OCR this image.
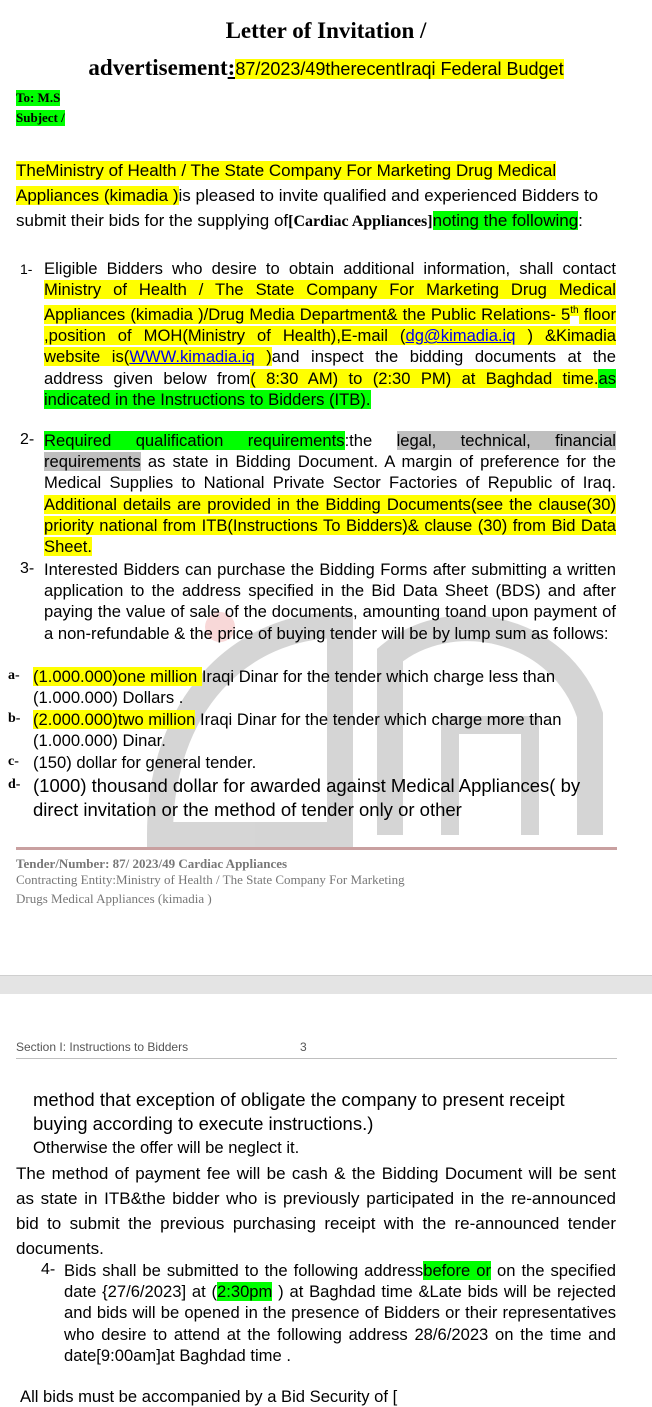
Letter of Invitation /
advertisement:87/2023/49therecentIraqi Federal Budget
To: M.S
Subject /
TheMinistry of Health / The State Company For Marketing Drug Medical Appliances (kimadia )is pleased to invite qualified and experienced Bidders to submit their bids for the supplying of[Cardiac Appliances]noting the following:
1- Eligible Bidders who desire to obtain additional information, shall contact Ministry of Health / The State Company For Marketing Drug Medical Appliances (kimadia )/Drug Media Department& the Public Relations- 5th floor ,position of MOH(Ministry of Health),E-mail (dg@kimadia.iq ) &Kimadia website is(WWW.kimadia.iq )and inspect the bidding documents at the address given below from( 8:30 AM) to (2:30 PM) at Baghdad time.as indicated in the Instructions to Bidders (ITB).
2- Required qualification requirements:the legal, technical, financial requirements as state in Bidding Document. A margin of preference for the Medical Supplies to National Private Sector Factories of Republic of Iraq. Additional details are provided in the Bidding Documents(see the clause(30) priority national from ITB(Instructions To Bidders)& clause (30) from Bid Data Sheet.
3- Interested Bidders can purchase the Bidding Forms after submitting a written application to the address specified in the Bid Data Sheet (BDS) and after paying the value of sale of the documents, amounting toand upon payment of a non-refundable & the price of buying tender will be by lump sum as follows:
a- (1.000.000)one million Iraqi Dinar for the tender which charge less than (1.000.000) Dollars .
b- (2.000.000)two million Iraqi Dinar for the tender which charge more than (1.000.000) Dinar.
c- (150) dollar for general tender.
d- (1000) thousand dollar for awarded against Medical Appliances( by direct invitation or the method of tender only or other
Tender/Number: 87/ 2023/49 Cardiac Appliances
Contracting Entity:Ministry of Health / The State Company For Marketing
Drugs Medical Appliances (kimadia )
Section I: Instructions to Bidders	3
method that exception of obligate the company to present receipt buying according to execute instructions.)
Otherwise the offer will be neglect it.
The method of payment fee will be cash & the Bidding Document will be sent as state in ITB&the bidder who is previously participated in the re-announced bid to submit the previous purchasing receipt with the re-announced tender documents.
4- Bids shall be submitted to the following addressbefore or on the specified date {27/6/2023] at (2:30pm ) at Baghdad time &Late bids will be rejected and bids will be opened in the presence of Bidders or their representatives who desire to attend at the following address 28/6/2023 on the time and date[9:00am]at Baghdad time .
All bids must be accompanied by a Bid Security of [
